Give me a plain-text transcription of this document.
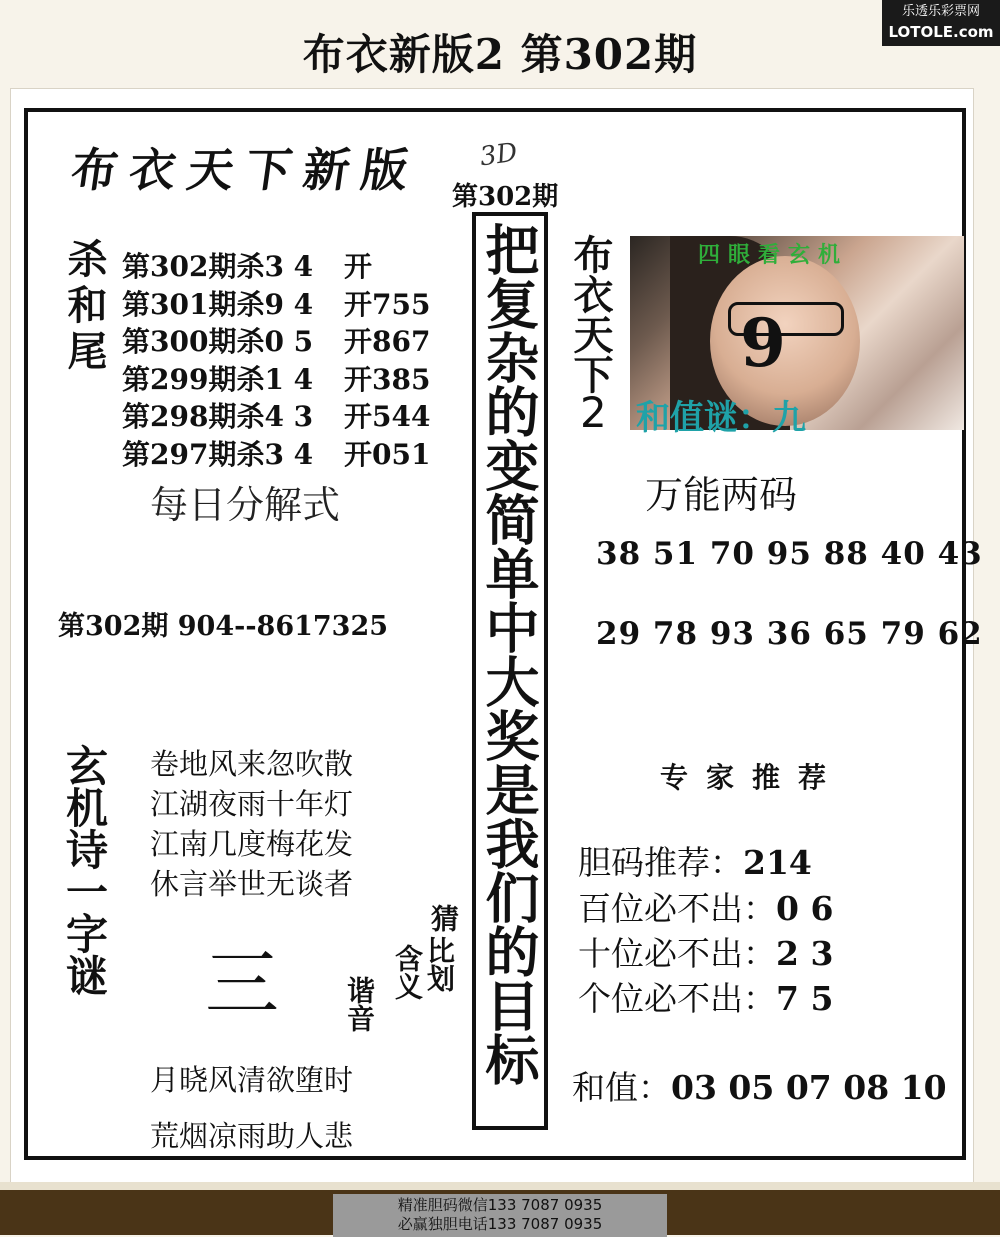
布衣新版2 第302期
乐透乐彩票网
LOTOLE.com
布衣天下新版 3D
第302期
杀和尾 第302期杀3 4	开
第301期杀9 4	开755
第300期杀0 5	开867
第299期杀1 4	开385
第298期杀4 3	开544
第297期杀3 4	开051
每日分解式
第302期 904--8617325
玄机诗一字谜 卷地风来忽吹散
江湖夜雨十年灯
江南几度梅花发
休言举世无谈者
三
猜
比划
含义
谐音
月晓风清欲堕时
荒烟凉雨助人悲
把复杂的变简单中大奖是我们的目标 布衣天下
2
四眼看玄机
9
和值谜：九
万能两码
38 51 70 95 88 40 43
29 78 93 36 65 79 62
专家推荐
胆码推荐：214
百位必不出：0 6
十位必不出：2 3
个位必不出：7 5
和值：03 05 07 08 10
精准胆码微信133 7087 0935
必赢独胆电话133 7087 0935
